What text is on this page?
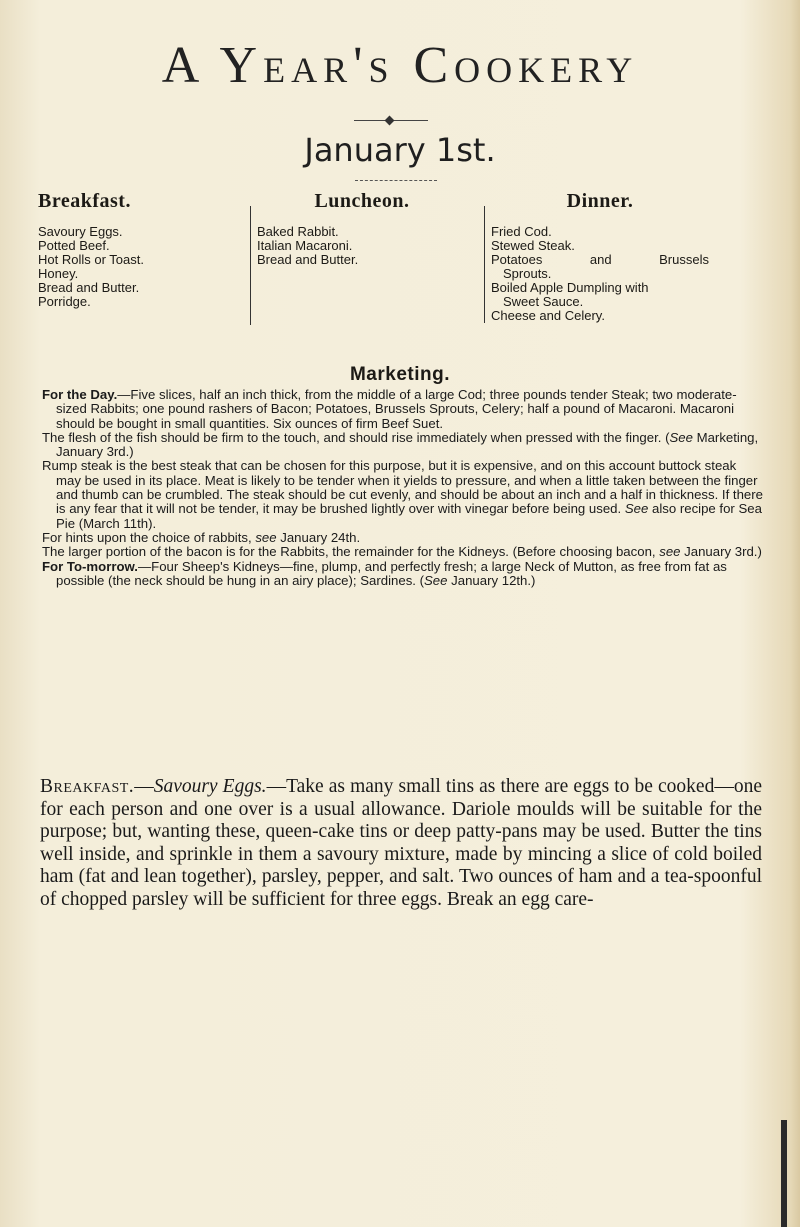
A Year's Cookery
January 1st.
Breakfast.
Savoury Eggs.
Potted Beef.
Hot Rolls or Toast.
Honey.
Bread and Butter.
Porridge.
Luncheon.
Baked Rabbit.
Italian Macaroni.
Bread and Butter.
Dinner.
Fried Cod.
Stewed Steak.
Potatoes	and	Brussels
Sprouts.
Boiled Apple Dumpling with
Sweet Sauce.
Cheese and Celery.
Marketing.

For the Day.—Five slices, half an inch thick, from the middle of a large Cod; three pounds tender Steak; two moderate-sized Rabbits; one pound rashers of Bacon; Potatoes, Brussels Sprouts, Celery; half a pound of Macaroni. Macaroni should be bought in small quantities. Six ounces of firm Beef Suet.

The flesh of the fish should be firm to the touch, and should rise immediately when pressed with the finger. (See Marketing, January 3rd.)

Rump steak is the best steak that can be chosen for this purpose, but it is expensive, and on this account buttock steak may be used in its place. Meat is likely to be tender when it yields to pressure, and when a little taken between the finger and thumb can be crumbled. The steak should be cut evenly, and should be about an inch and a half in thickness. If there is any fear that it will not be tender, it may be brushed lightly over with vinegar before being used. See also recipe for Sea Pie (March 11th).

For hints upon the choice of rabbits, see January 24th.

The larger portion of the bacon is for the Rabbits, the remainder for the Kidneys. (Before choosing bacon, see January 3rd.)

For To-morrow.—Four Sheep's Kidneys—fine, plump, and perfectly fresh; a large Neck of Mutton, as free from fat as possible (the neck should be hung in an airy place); Sardines. (See January 12th.)

Breakfast.—Savoury Eggs.—Take as many small tins as there are eggs to be cooked—one for each person and one over is a usual allowance. Dariole moulds will be suitable for the purpose; but, wanting these, queen-cake tins or deep patty-pans may be used. Butter the tins well inside, and sprinkle in them a savoury mixture, made by mincing a slice of cold boiled ham (fat and lean together), parsley, pepper, and salt. Two ounces of ham and a tea-spoonful of chopped parsley will be sufficient for three eggs. Break an egg care-
